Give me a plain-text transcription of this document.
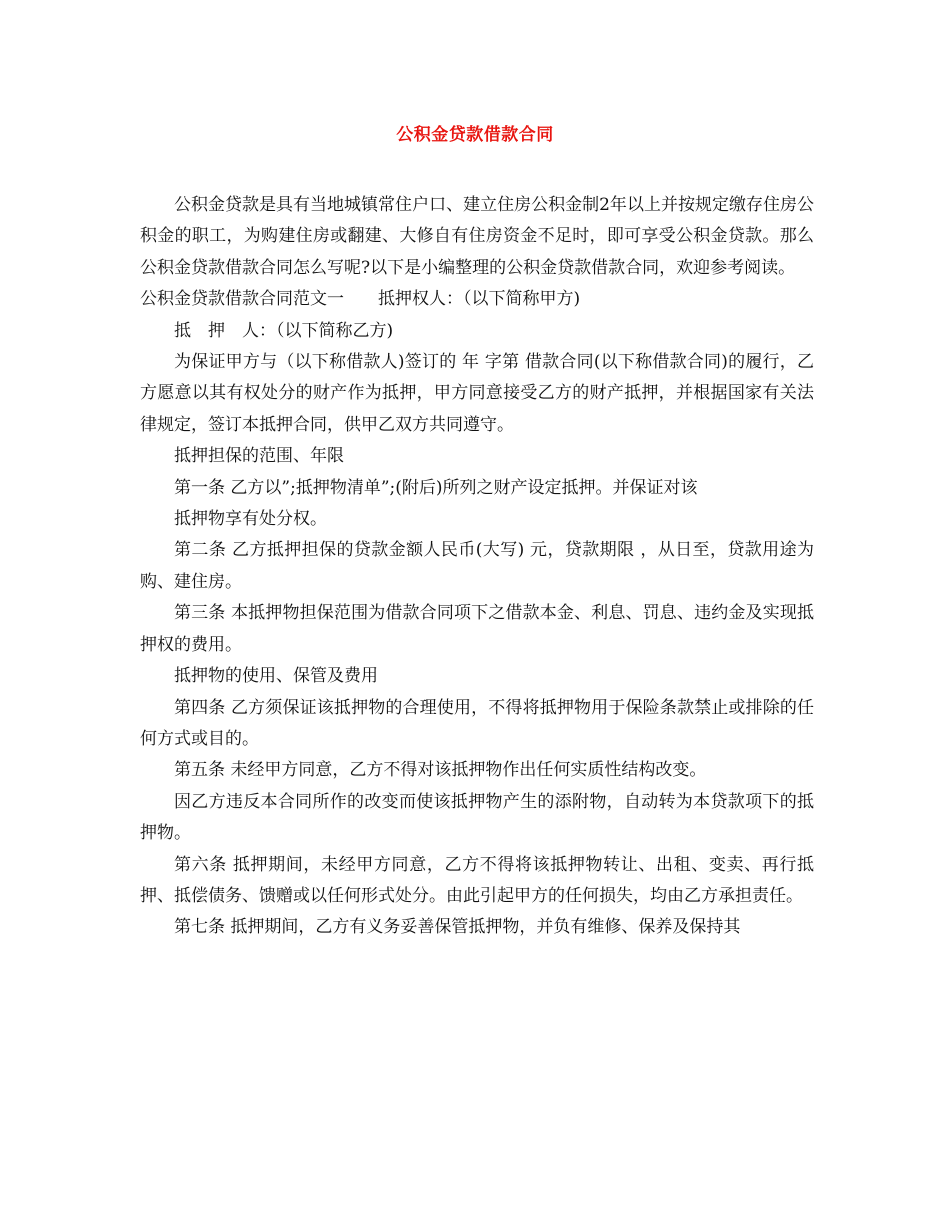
公积金贷款借款合同

公积金贷款是具有当地城镇常住户口、建立住房公积金制2年以上并按规定缴存住房公积金的职工，为购建住房或翻建、大修自有住房资金不足时，即可享受公积金贷款。那么公积金贷款借款合同怎么写呢?以下是小编整理的公积金贷款借款合同，欢迎参考阅读。

公积金贷款借款合同范文一　　抵押权人：（以下简称甲方)

抵　押　人：（以下简称乙方)

为保证甲方与（以下称借款人)签订的 年 字第 借款合同(以下称借款合同)的履行，乙方愿意以其有权处分的财产作为抵押，甲方同意接受乙方的财产抵押，并根据国家有关法律规定，签订本抵押合同，供甲乙双方共同遵守。

抵押担保的范围、年限

第一条 乙方以”;抵押物清单”;(附后)所列之财产设定抵押。并保证对该

抵押物享有处分权。

第二条 乙方抵押担保的贷款金额人民币(大写) 元，贷款期限 ，从日至，贷款用途为购、建住房。

第三条 本抵押物担保范围为借款合同项下之借款本金、利息、罚息、违约金及实现抵押权的费用。

抵押物的使用、保管及费用

第四条 乙方须保证该抵押物的合理使用，不得将抵押物用于保险条款禁止或排除的任何方式或目的。

第五条 未经甲方同意，乙方不得对该抵押物作出任何实质性结构改变。

因乙方违反本合同所作的改变而使该抵押物产生的添附物，自动转为本贷款项下的抵押物。

第六条 抵押期间，未经甲方同意，乙方不得将该抵押物转让、出租、变卖、再行抵押、抵偿债务、馈赠或以任何形式处分。由此引起甲方的任何损失，均由乙方承担责任。

第七条 抵押期间，乙方有义务妥善保管抵押物，并负有维修、保养及保持其
